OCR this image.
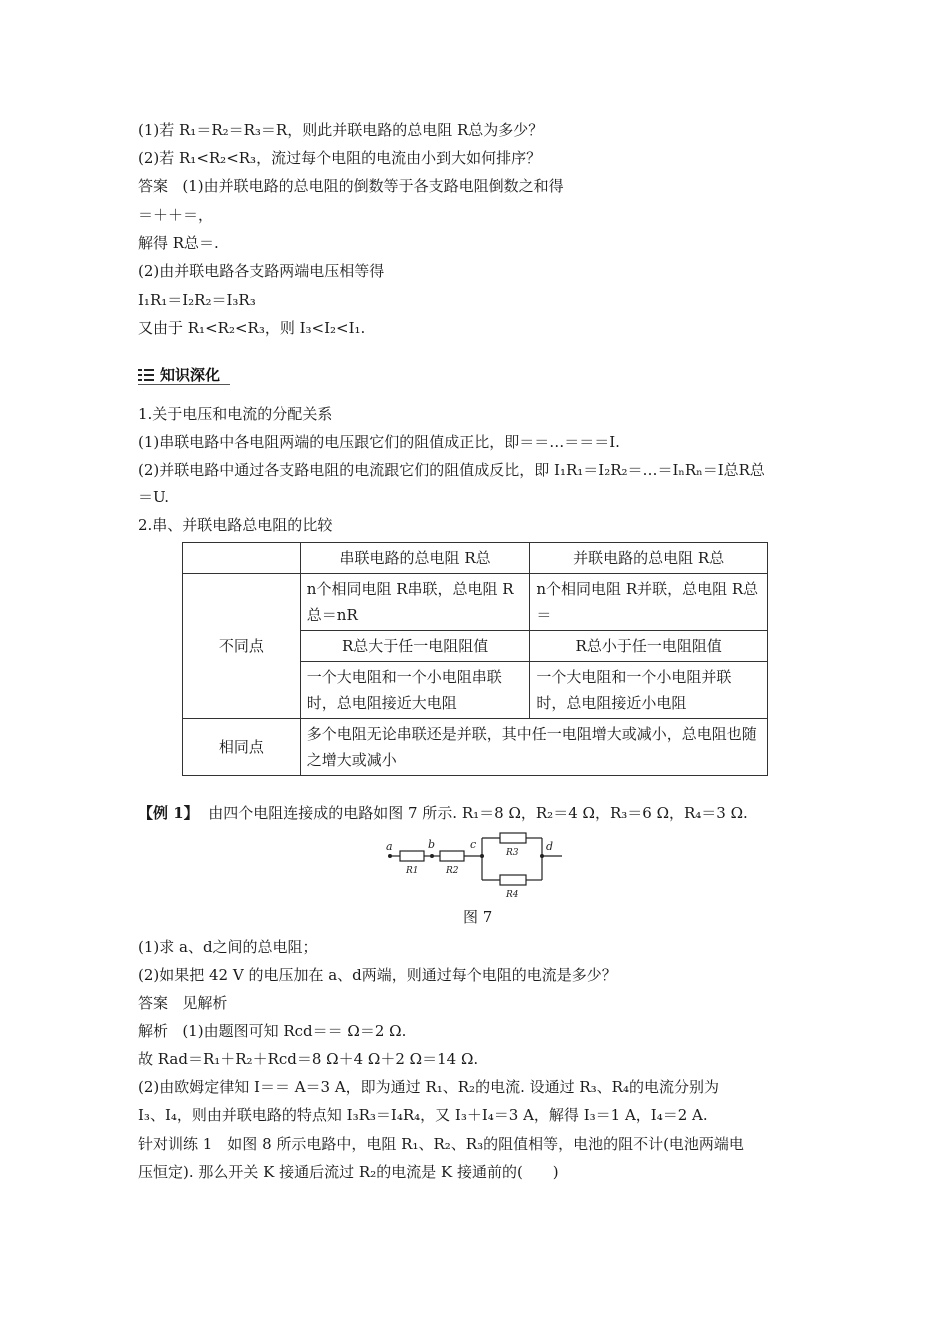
(1)若 R₁＝R₂＝R₃＝R，则此并联电路的总电阻 R总为多少？
(2)若 R₁<R₂<R₃，流过每个电阻的电流由小到大如何排序？
答案 (1)由并联电路的总电阻的倒数等于各支路电阻倒数之和得
＝＋＋＝，
解得 R总＝.
(2)由并联电路各支路两端电压相等得
I₁R₁＝I₂R₂＝I₃R₃
又由于 R₁<R₂<R₃，则 I₃<I₂<I₁.
知识深化
1.关于电压和电流的分配关系
(1)串联电路中各电阻两端的电压跟它们的阻值成正比，即＝＝…＝＝＝I.
(2)并联电路中通过各支路电阻的电流跟它们的阻值成反比，即 I₁R₁＝I₂R₂＝…＝IₙRₙ＝I总R总
＝U.
2.串、并联电路总电阻的比较
	串联电路的总电阻 R总	并联电路的总电阻 R总
不同点	n个相同电阻 R串联，总电阻 R总＝nR	n个相同电阻 R并联，总电阻 R总＝
	R总大于任一电阻阻值	R总小于任一电阻阻值
	一个大电阻和一个小电阻串联时，总电阻接近大电阻	一个大电阻和一个小电阻并联时，总电阻接近小电阻
相同点	多个电阻无论串联还是并联，其中任一电阻增大或减小，总电阻也随之增大或减小	
【例 1】 由四个电阻连接成的电路如图 7 所示. R₁＝8 Ω，R₂＝4 Ω，R₃＝6 Ω，R₄＝3 Ω.
a	b	c	d
R1	R2
R3
R4
图 7
(1)求 a、d之间的总电阻；
(2)如果把 42 V 的电压加在 a、d两端，则通过每个电阻的电流是多少？
答案 见解析
解析 (1)由题图可知 Rcd＝＝ Ω＝2 Ω.
故 Rad＝R₁＋R₂＋Rcd＝8 Ω＋4 Ω＋2 Ω＝14 Ω.
(2)由欧姆定律知 I＝＝ A＝3 A，即为通过 R₁、R₂的电流. 设通过 R₃、R₄的电流分别为
I₃、I₄，则由并联电路的特点知 I₃R₃＝I₄R₄，又 I₃＋I₄＝3 A，解得 I₃＝1 A，I₄＝2 A.
针对训练 1　如图 8 所示电路中，电阻 R₁、R₂、R₃的阻值相等，电池的阻不计(电池两端电
压恒定). 那么开关 K 接通后流过 R₂的电流是 K 接通前的(　　)
